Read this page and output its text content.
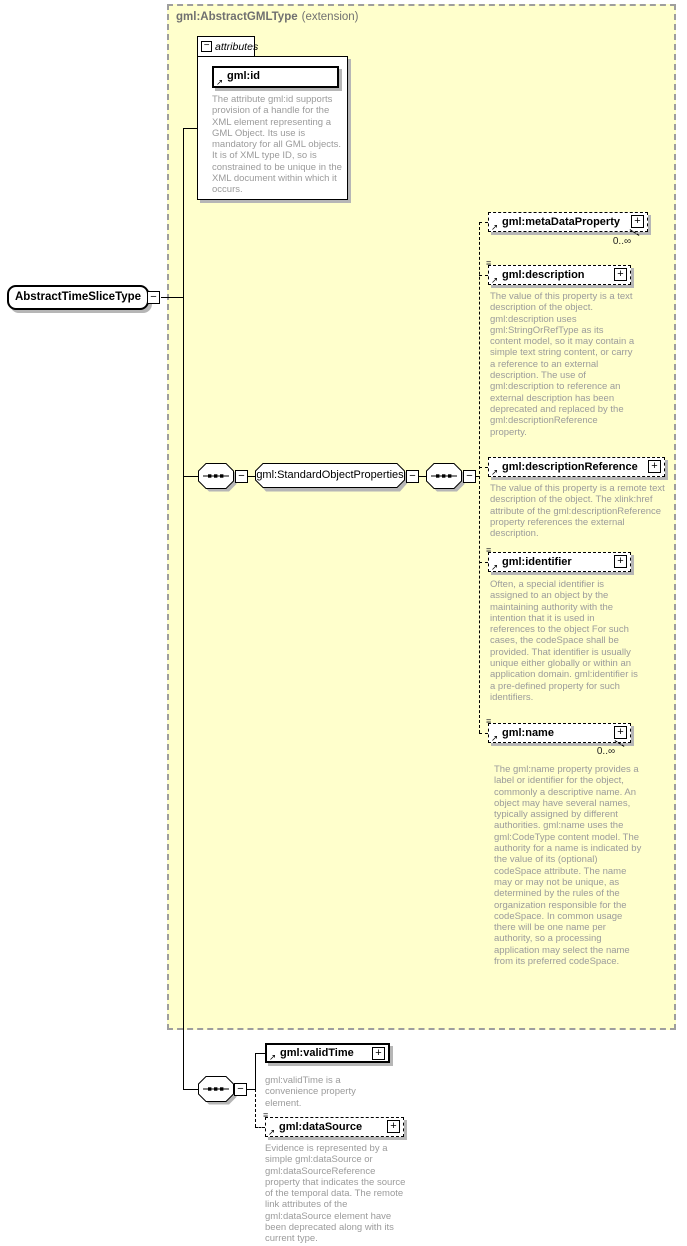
gml:AbstractGMLType (extension)
AbstractTimeSliceType −
− attributes
↗ gml:id
The attribute gml:id supports provision of a handle for the XML element representing a GML Object. Its use is mandatory for all GML objects. It is of XML type ID, so is constrained to be unique in the XML document within which it occurs.
− gml:StandardObjectProperties −	−
↗ gml:metaDataProperty +
0..∞
≡
↗ gml:description	+
The value of this property is a text description of the object. gml:description uses gml:StringOrRefType as its content model, so it may contain a simple text string content, or carry a reference to an external description. The use of gml:description to reference an external description has been deprecated and replaced by the gml:descriptionReference property.
↗ gml:descriptionReference +
The value of this property is a remote text description of the object. The xlink:href attribute of the gml:descriptionReference property references the external description.
≡
↗ gml:identifier	+
Often, a special identifier is assigned to an object by the maintaining authority with the intention that it is used in references to the object For such cases, the codeSpace shall be provided. That identifier is usually unique either globally or within an application domain. gml:identifier is a pre-defined property for such identifiers.
≡
↗ gml:name	+
0..∞
The gml:name property provides a label or identifier for the object, commonly a descriptive name. An object may have several names, typically assigned by different authorities. gml:name uses the gml:CodeType content model. The authority for a name is indicated by the value of its (optional) codeSpace attribute. The name may or may not be unique, as determined by the rules of the organization responsible for the codeSpace. In common usage there will be one name per authority, so a processing application may select the name from its preferred codeSpace.
−
↗ gml:validTime +
gml:validTime is a convenience property element.
≡
↗ gml:dataSource	+
Evidence is represented by a simple gml:dataSource or gml:dataSourceReference property that indicates the source of the temporal data. The remote link attributes of the gml:dataSource element have been deprecated along with its current type.
